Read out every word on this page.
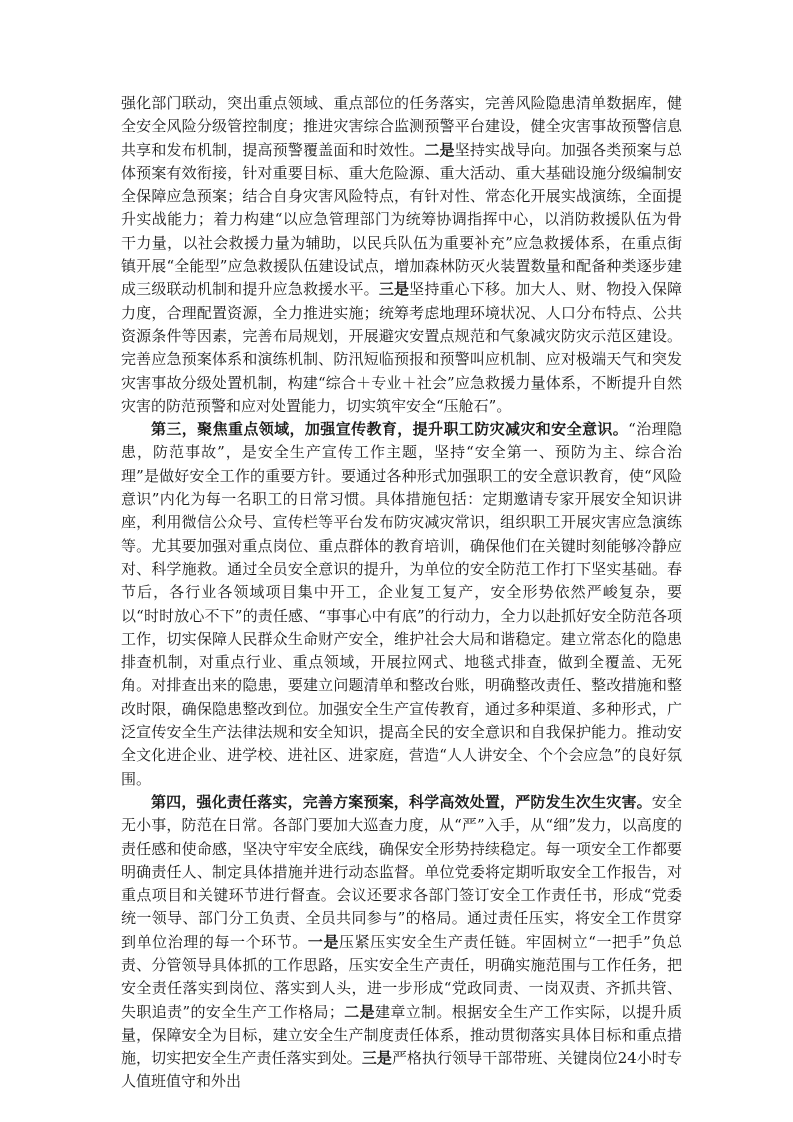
强化部门联动，突出重点领域、重点部位的任务落实，完善风险隐患清单数据库，健全安全风险分级管控制度；推进灾害综合监测预警平台建设，健全灾害事故预警信息共享和发布机制，提高预警覆盖面和时效性。二是坚持实战导向。加强各类预案与总体预案有效衔接，针对重要目标、重大危险源、重大活动、重大基础设施分级编制安全保障应急预案；结合自身灾害风险特点，有针对性、常态化开展实战演练，全面提升实战能力；着力构建“以应急管理部门为统筹协调指挥中心，以消防救援队伍为骨干力量，以社会救援力量为辅助，以民兵队伍为重要补充”应急救援体系，在重点街镇开展“全能型”应急救援队伍建设试点，增加森林防灭火装置数量和配备种类逐步建成三级联动机制和提升应急救援水平。三是坚持重心下移。加大人、财、物投入保障力度，合理配置资源，全力推进实施；统筹考虑地理环境状况、人口分布特点、公共资源条件等因素，完善布局规划，开展避灾安置点规范和气象减灾防灾示范区建设。完善应急预案体系和演练机制、防汛短临预报和预警叫应机制、应对极端天气和突发灾害事故分级处置机制，构建“综合＋专业＋社会”应急救援力量体系，不断提升自然灾害的防范预警和应对处置能力，切实筑牢安全“压舱石”。

第三，聚焦重点领域，加强宣传教育，提升职工防灾减灾和安全意识。“治理隐患，防范事故”，是安全生产宣传工作主题，坚持“安全第一、预防为主、综合治理”是做好安全工作的重要方针。要通过各种形式加强职工的安全意识教育，使“风险意识”内化为每一名职工的日常习惯。具体措施包括：定期邀请专家开展安全知识讲座，利用微信公众号、宣传栏等平台发布防灾减灾常识，组织职工开展灾害应急演练等。尤其要加强对重点岗位、重点群体的教育培训，确保他们在关键时刻能够冷静应对、科学施救。通过全员安全意识的提升，为单位的安全防范工作打下坚实基础。春节后，各行业各领域项目集中开工，企业复工复产，安全形势依然严峻复杂，要以“时时放心不下”的责任感、“事事心中有底”的行动力，全力以赴抓好安全防范各项工作，切实保障人民群众生命财产安全，维护社会大局和谐稳定。建立常态化的隐患排查机制，对重点行业、重点领域，开展拉网式、地毯式排查，做到全覆盖、无死角。对排查出来的隐患，要建立问题清单和整改台账，明确整改责任、整改措施和整改时限，确保隐患整改到位。加强安全生产宣传教育，通过多种渠道、多种形式，广泛宣传安全生产法律法规和安全知识，提高全民的安全意识和自我保护能力。推动安全文化进企业、进学校、进社区、进家庭，营造“人人讲安全、个个会应急”的良好氛围。

第四，强化责任落实，完善方案预案，科学高效处置，严防发生次生灾害。安全无小事，防范在日常。各部门要加大巡查力度，从“严”入手，从“细”发力，以高度的责任感和使命感，坚决守牢安全底线，确保安全形势持续稳定。每一项安全工作都要明确责任人、制定具体措施并进行动态监督。单位党委将定期听取安全工作报告，对重点项目和关键环节进行督查。会议还要求各部门签订安全工作责任书，形成“党委统一领导、部门分工负责、全员共同参与”的格局。通过责任压实，将安全工作贯穿到单位治理的每一个环节。一是压紧压实安全生产责任链。牢固树立“一把手”负总责、分管领导具体抓的工作思路，压实安全生产责任，明确实施范围与工作任务，把安全责任落实到岗位、落实到人头，进一步形成“党政同责、一岗双责、齐抓共管、失职追责”的安全生产工作格局；二是建章立制。根据安全生产工作实际，以提升质量，保障安全为目标，建立安全生产制度责任体系，推动贯彻落实具体目标和重点措施，切实把安全生产责任落实到处。三是严格执行领导干部带班、关键岗位24小时专人值班值守和外出
